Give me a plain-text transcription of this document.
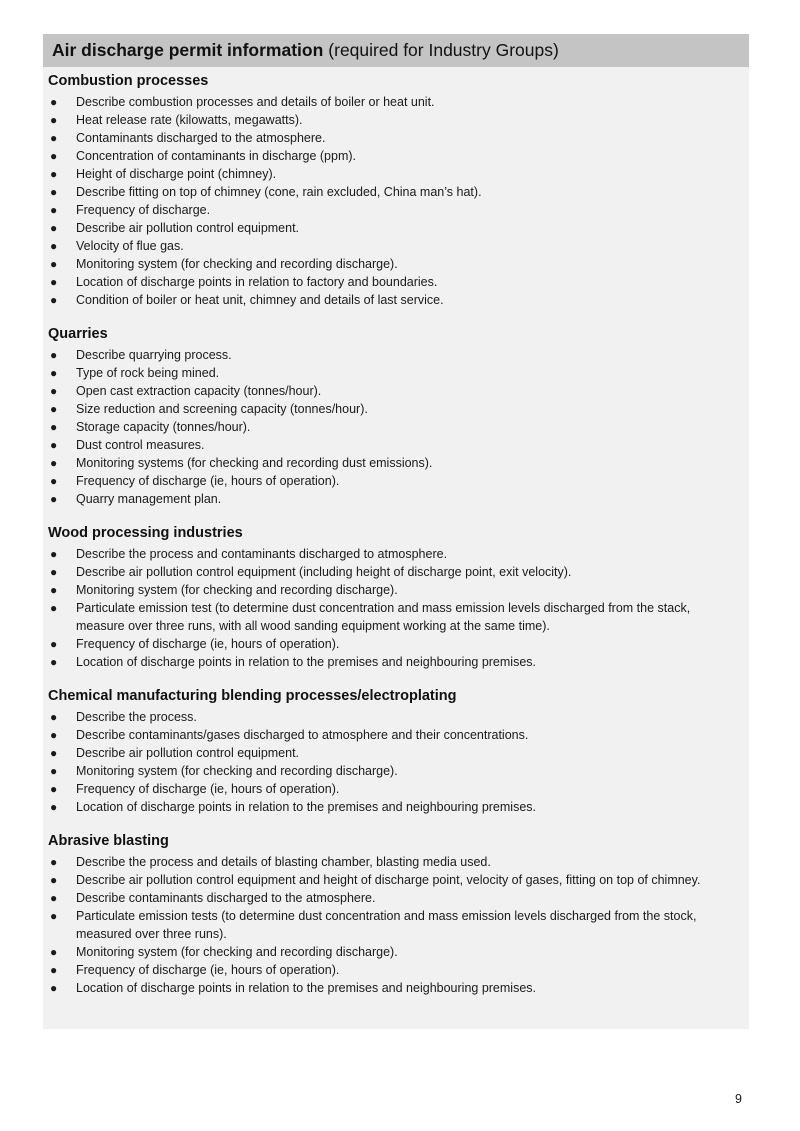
Air discharge permit information (required for Industry Groups)
Combustion processes
● Describe combustion processes and details of boiler or heat unit.
● Heat release rate (kilowatts, megawatts).
● Contaminants discharged to the atmosphere.
● Concentration of contaminants in discharge (ppm).
● Height of discharge point (chimney).
● Describe fitting on top of chimney (cone, rain excluded, China man’s hat).
● Frequency of discharge.
● Describe air pollution control equipment.
● Velocity of flue gas.
● Monitoring system (for checking and recording discharge).
● Location of discharge points in relation to factory and boundaries.
● Condition of boiler or heat unit, chimney and details of last service.
Quarries
● Describe quarrying process.
● Type of rock being mined.
● Open cast extraction capacity (tonnes/hour).
● Size reduction and screening capacity (tonnes/hour).
● Storage capacity (tonnes/hour).
● Dust control measures.
● Monitoring systems (for checking and recording dust emissions).
● Frequency of discharge (ie, hours of operation).
● Quarry management plan.
Wood processing industries
● Describe the process and contaminants discharged to atmosphere.
● Describe air pollution control equipment (including height of discharge point, exit velocity).
● Monitoring system (for checking and recording discharge).
● Particulate emission test (to determine dust concentration and mass emission levels discharged from the stack, measure over three runs, with all wood sanding equipment working at the same time).
● Frequency of discharge (ie, hours of operation).
● Location of discharge points in relation to the premises and neighbouring premises.
Chemical manufacturing blending processes/electroplating
● Describe the process.
● Describe contaminants/gases discharged to atmosphere and their concentrations.
● Describe air pollution control equipment.
● Monitoring system (for checking and recording discharge).
● Frequency of discharge (ie, hours of operation).
● Location of discharge points in relation to the premises and neighbouring premises.
Abrasive blasting
● Describe the process and details of blasting chamber, blasting media used.
● Describe air pollution control equipment and height of discharge point, velocity of gases, fitting on top of chimney.
● Describe contaminants discharged to the atmosphere.
● Particulate emission tests (to determine dust concentration and mass emission levels discharged from the stock, measured over three runs).
● Monitoring system (for checking and recording discharge).
● Frequency of discharge (ie, hours of operation).
● Location of discharge points in relation to the premises and neighbouring premises.
9
